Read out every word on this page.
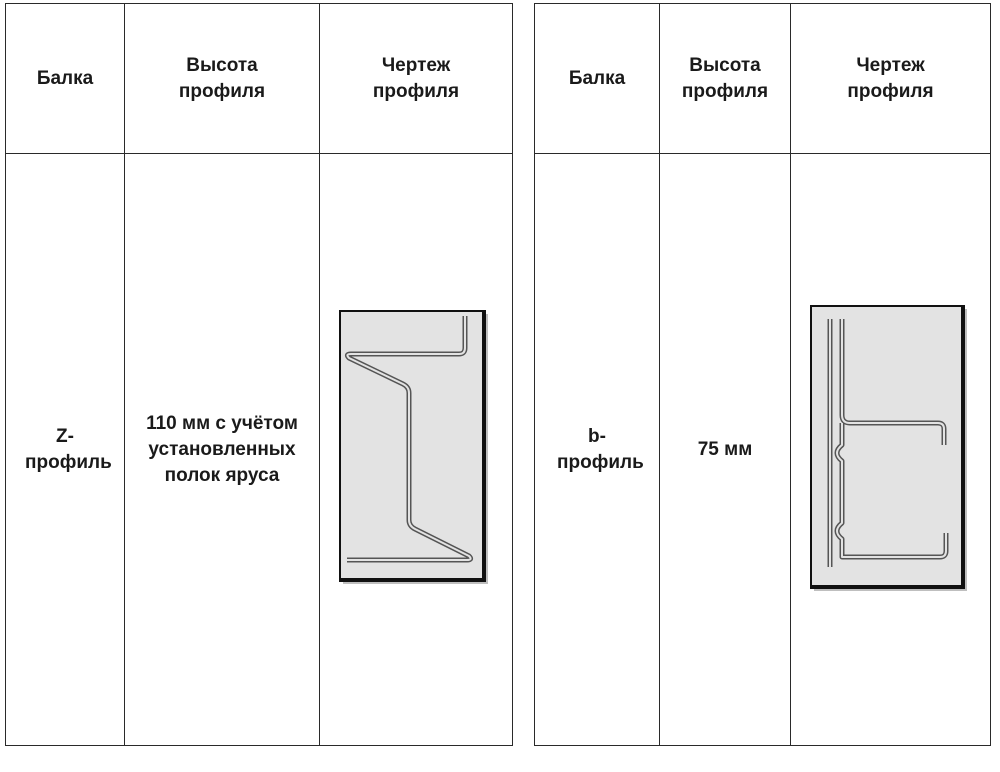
Балка	Высота профиля	Чертеж профиля

Z- профиль	110 мм с учётом установленных полок яруса

Балка	Высота профиля	Чертеж профиля

b- профиль	75 мм
